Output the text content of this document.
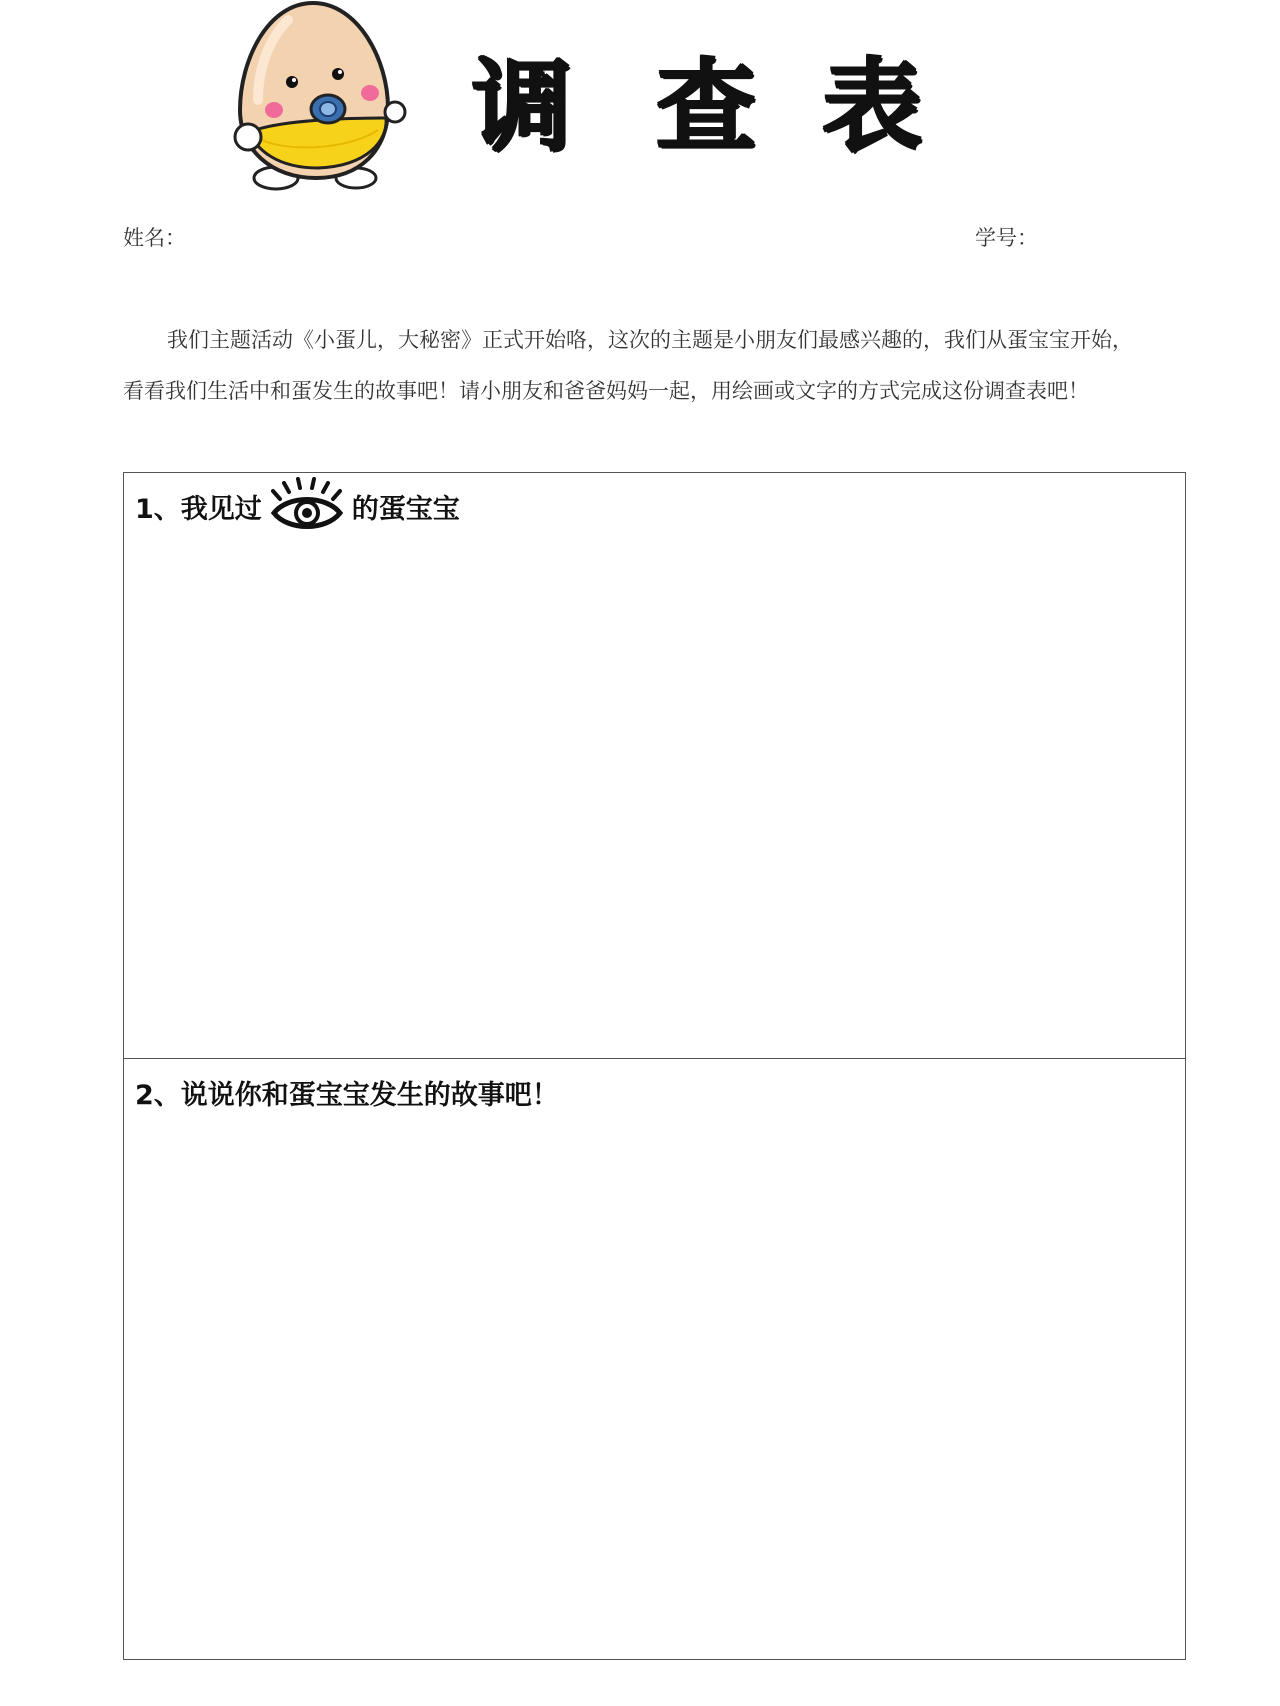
调 查 表
姓名：	学号：

我们主题活动《小蛋儿，大秘密》正式开始咯，这次的主题是小朋友们最感兴趣的，我们从蛋宝宝开始，

看看我们生活中和蛋发生的故事吧！请小朋友和爸爸妈妈一起，用绘画或文字的方式完成这份调查表吧！

1、我见过	的蛋宝宝
2、说说你和蛋宝宝发生的故事吧！
